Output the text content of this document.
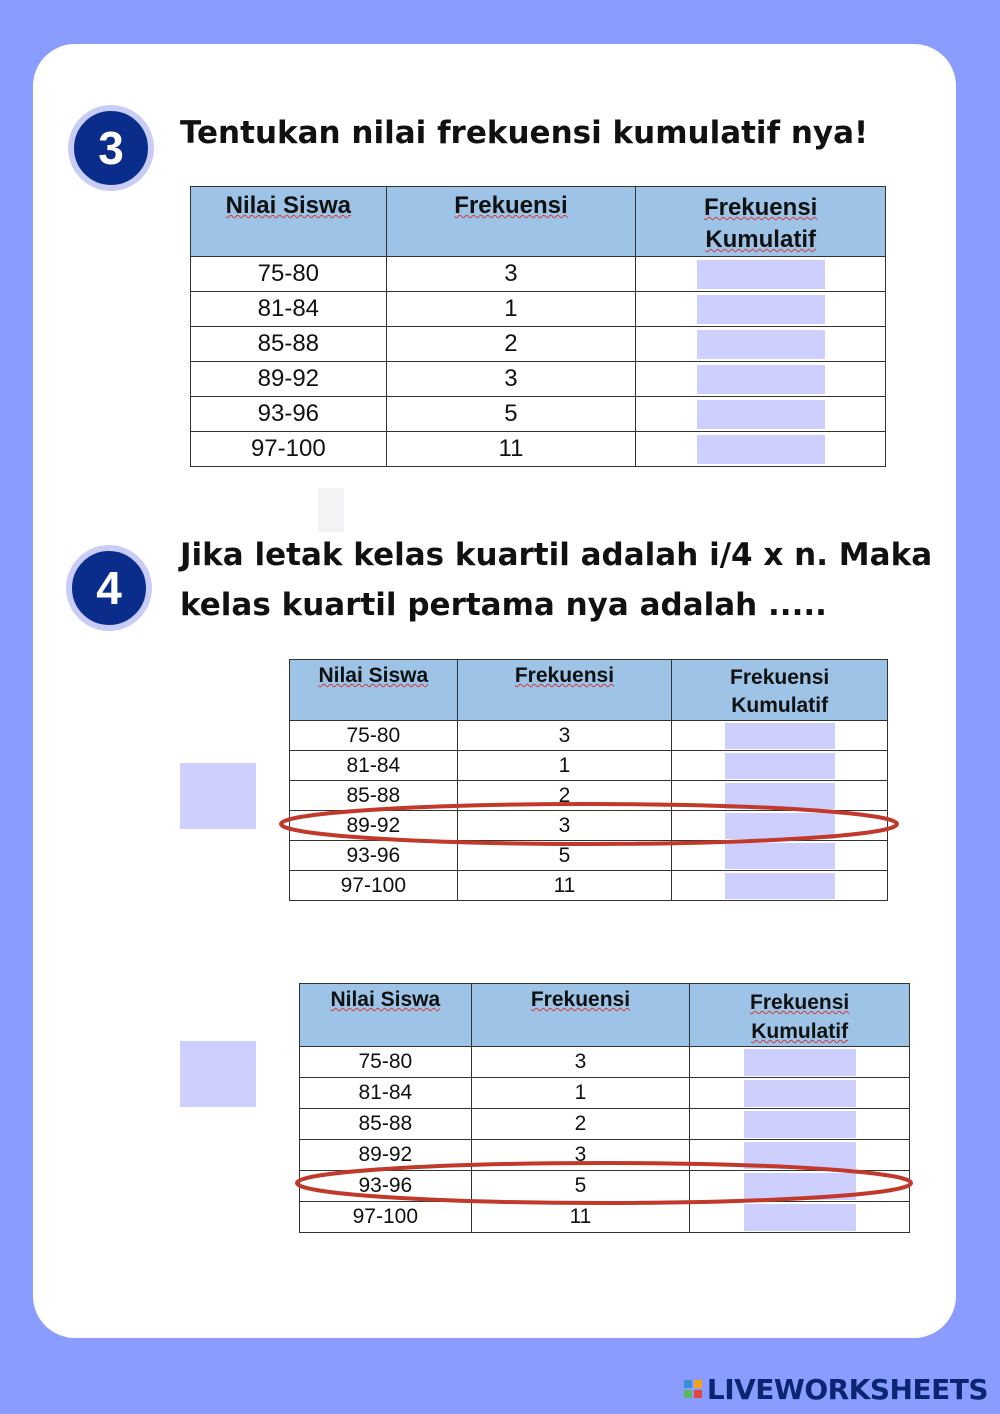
3 Tentukan nilai frekuensi kumulatif nya!
Nilai Siswa	Frekuensi	Frekuensi
Kumulatif
75-80	3	
81-84	1	
85-88	2	
89-92	3	
93-96	5	
97-100	11	
4
Jika letak kelas kuartil adalah i/4 x n. Maka
kelas kuartil pertama nya adalah .....
Nilai Siswa	Frekuensi	Frekuensi
Kumulatif
75-80	3	
81-84	1	
85-88	2	
89-92	3	
93-96	5	
97-100	11	
Nilai Siswa	Frekuensi	Frekuensi
Kumulatif
75-80	3	
81-84	1	
85-88	2	
89-92	3	
93-96	5	
97-100	11	
LIVEWORKSHEETS
